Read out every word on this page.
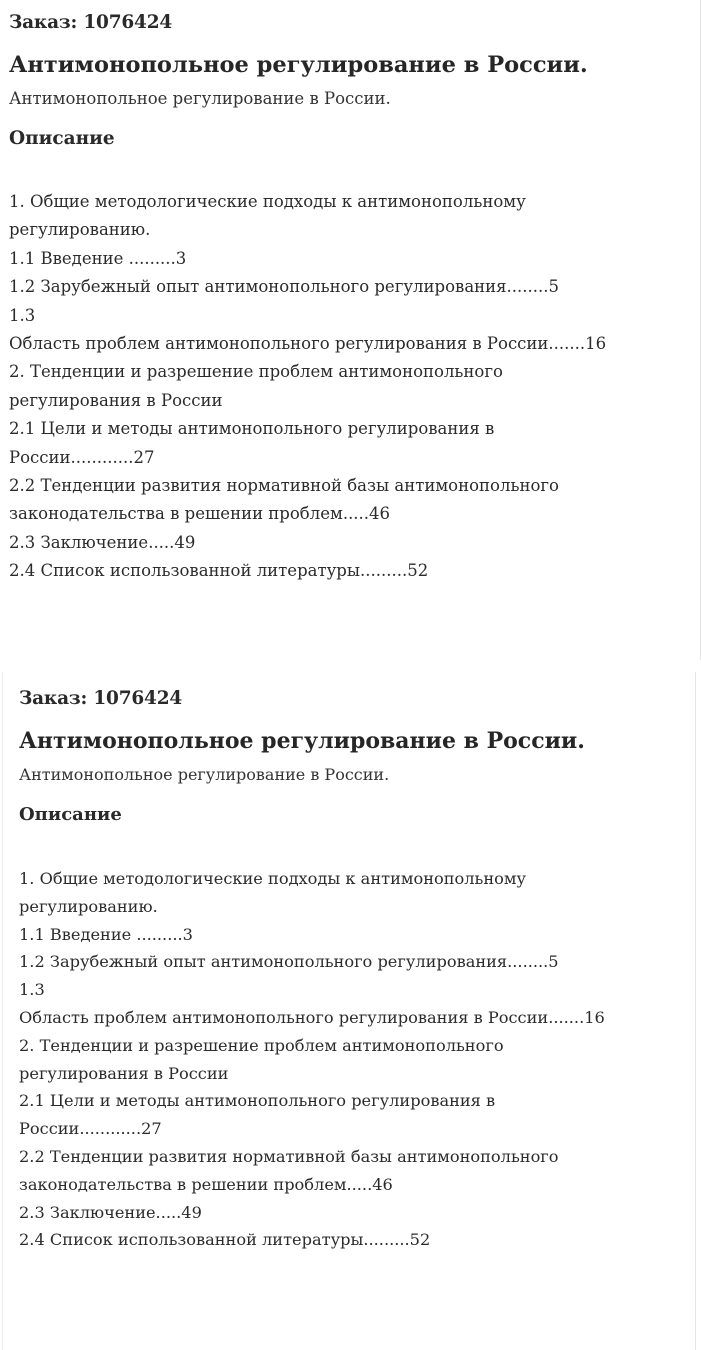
Заказ: 1076424
Антимонопольное регулирование в России.
Антимонопольное регулирование в России.
Описание
1. Общие методологические подходы к антимонопольному
регулированию.
1.1 Введение .........3
1.2 Зарубежный опыт антимонопольного регулирования........5
1.3
Область проблем антимонопольного регулирования в России.......16
2. Тенденции и разрешение проблем антимонопольного
регулирования в России
2.1 Цели и методы антимонопольного регулирования в
России............27
2.2 Тенденции развития нормативной базы антимонопольного
законодательства в решении проблем.....46
2.3 Заключение.....49
2.4 Список использованной литературы.........52
Заказ: 1076424
Антимонопольное регулирование в России.
Антимонопольное регулирование в России.
Описание
1. Общие методологические подходы к антимонопольному
регулированию.
1.1 Введение .........3
1.2 Зарубежный опыт антимонопольного регулирования........5
1.3
Область проблем антимонопольного регулирования в России.......16
2. Тенденции и разрешение проблем антимонопольного
регулирования в России
2.1 Цели и методы антимонопольного регулирования в
России............27
2.2 Тенденции развития нормативной базы антимонопольного
законодательства в решении проблем.....46
2.3 Заключение.....49
2.4 Список использованной литературы.........52
